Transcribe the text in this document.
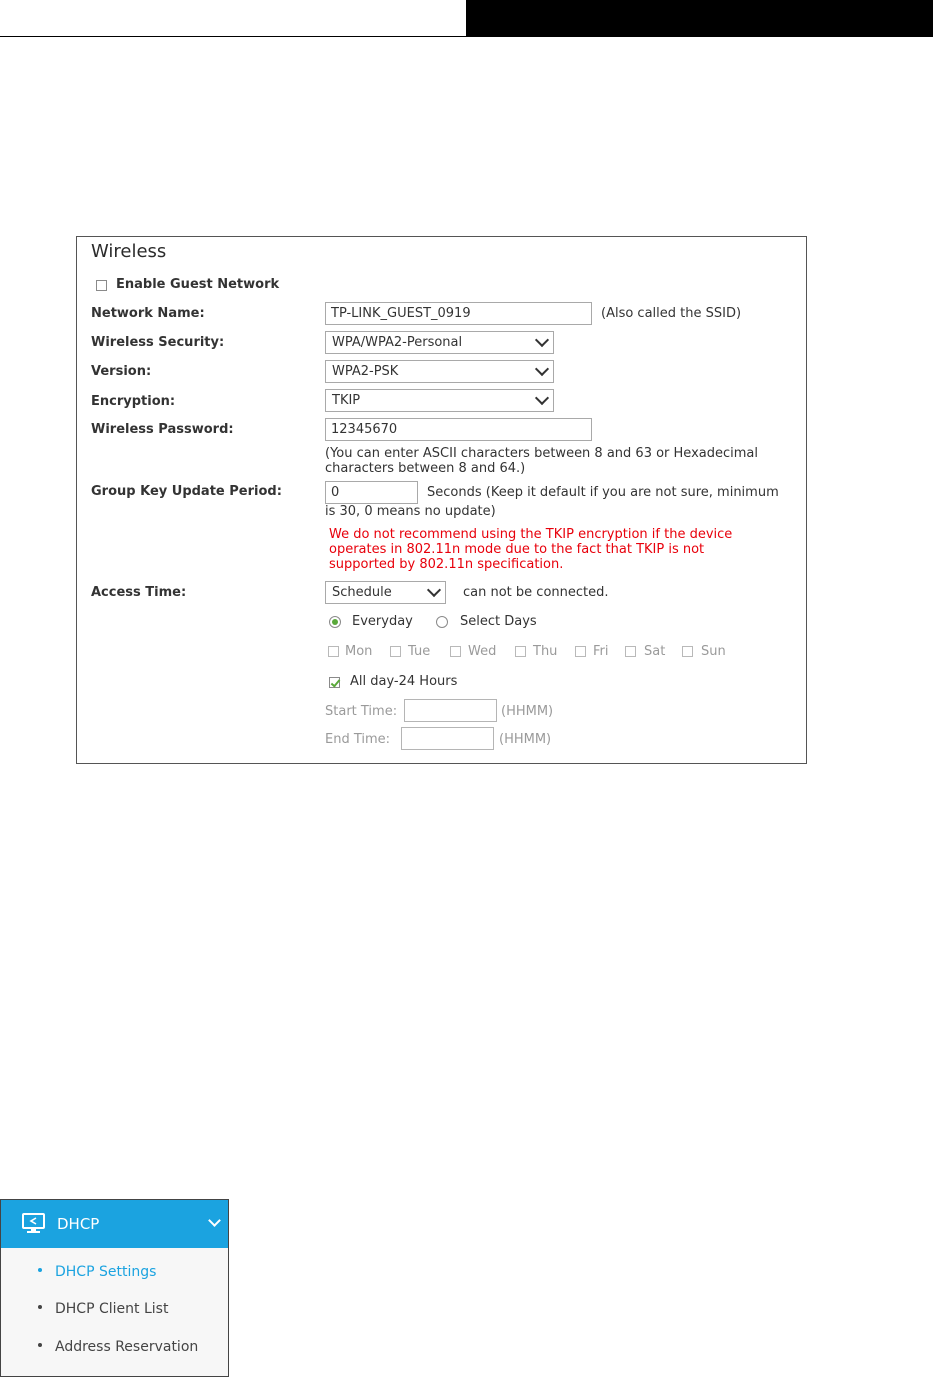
Wireless
Enable Guest Network
Network Name:	TP-LINK_GUEST_0919	(Also called the SSID)
Wireless Security:	WPA/WPA2-Personal
Version:	WPA2-PSK
Encryption:	TKIP
Wireless Password:	12345670
(You can enter ASCII characters between 8 and 63 or Hexadecimal
characters between 8 and 64.)
Group Key Update Period:	0	Seconds (Keep it default if you are not sure, minimum
is 30, 0 means no update)
We do not recommend using the TKIP encryption if the device
operates in 802.11n mode due to the fact that TKIP is not
supported by 802.11n specification.
Access Time:	Schedule	can not be connected.
Everyday	Select Days
Mon	Tue	Wed	Thu	Fri	Sat	Sun
All day-24 Hours
Start Time:	(HHMM)
End Time:	(HHMM)
DHCP
DHCP Settings
DHCP Client List
Address Reservation
